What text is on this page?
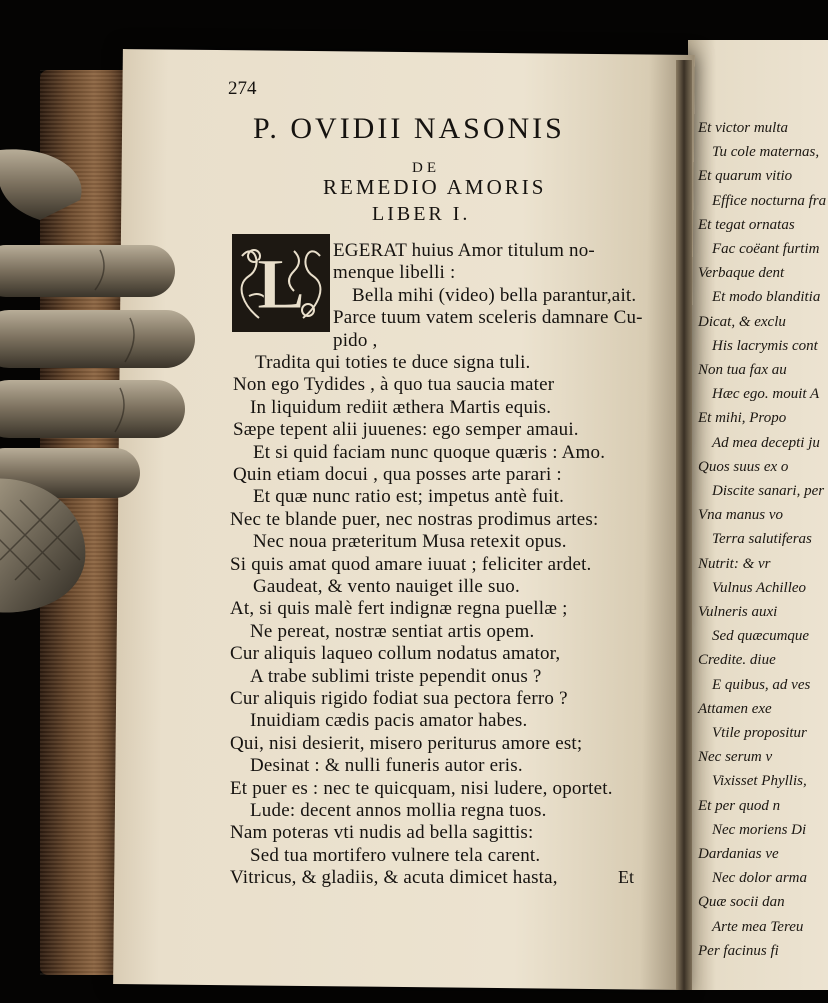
Et victor multa
Tu cole maternas,
Et quarum vitio
Effice nocturna fra
Et tegat ornatas
Fac coëant furtim
Verbaque dent
Et modo blanditia
Dicat, & exclu
His lacrymis cont
Non tua fax au
Hæc ego. mouit A
Et mihi, Propo
Ad mea decepti ju
Quos suus ex o
Discite sanari, per
Vna manus vo
Terra salutiferas
Nutrit: & vr
Vulnus Achilleo
Vulneris auxi
Sed quæcumque
Credite. diue
E quibus, ad ves
Attamen exe
Vtile propositur
Nec serum v
Vixisset Phyllis,
Et per quod n
Nec moriens Di
Dardanias ve
Nec dolor arma
Quæ socii dan
Arte mea Tereu
Per facinus fi
274
P. OVIDII NASONIS
DE
REMEDIO AMORIS
LIBER I.
L EGERAT huius Amor titulum no-
menque libelli :
Bella mihi (video) bella parantur,ait.
Parce tuum vatem sceleris damnare Cu-
pido ,
Tradita qui toties te duce signa tuli.
Non ego Tydides , à quo tua saucia mater
In liquidum rediit æthera Martis equis.
Sæpe tepent alii juuenes: ego semper amaui.
Et si quid faciam nunc quoque quæris : Amo.
Quin etiam docui , qua posses arte parari :
Et quæ nunc ratio est; impetus antè fuit.
Nec te blande puer, nec nostras prodimus artes:
Nec noua præteritum Musa retexit opus.
Si quis amat quod amare iuuat ; feliciter ardet.
Gaudeat, & vento nauiget ille suo.
At, si quis malè fert indignæ regna puellæ ;
Ne pereat, nostræ sentiat artis opem.
Cur aliquis laqueo collum nodatus amator,
A trabe sublimi triste pependit onus ?
Cur aliquis rigido fodiat sua pectora ferro ?
Inuidiam cædis pacis amator habes.
Qui, nisi desierit, misero periturus amore est;
Desinat : & nulli funeris autor eris.
Et puer es : nec te quicquam, nisi ludere, oportet.
Lude: decent annos mollia regna tuos.
Nam poteras vti nudis ad bella sagittis:
Sed tua mortifero vulnere tela carent.
Vitricus, & gladiis, & acuta dimicet hasta,	Et
